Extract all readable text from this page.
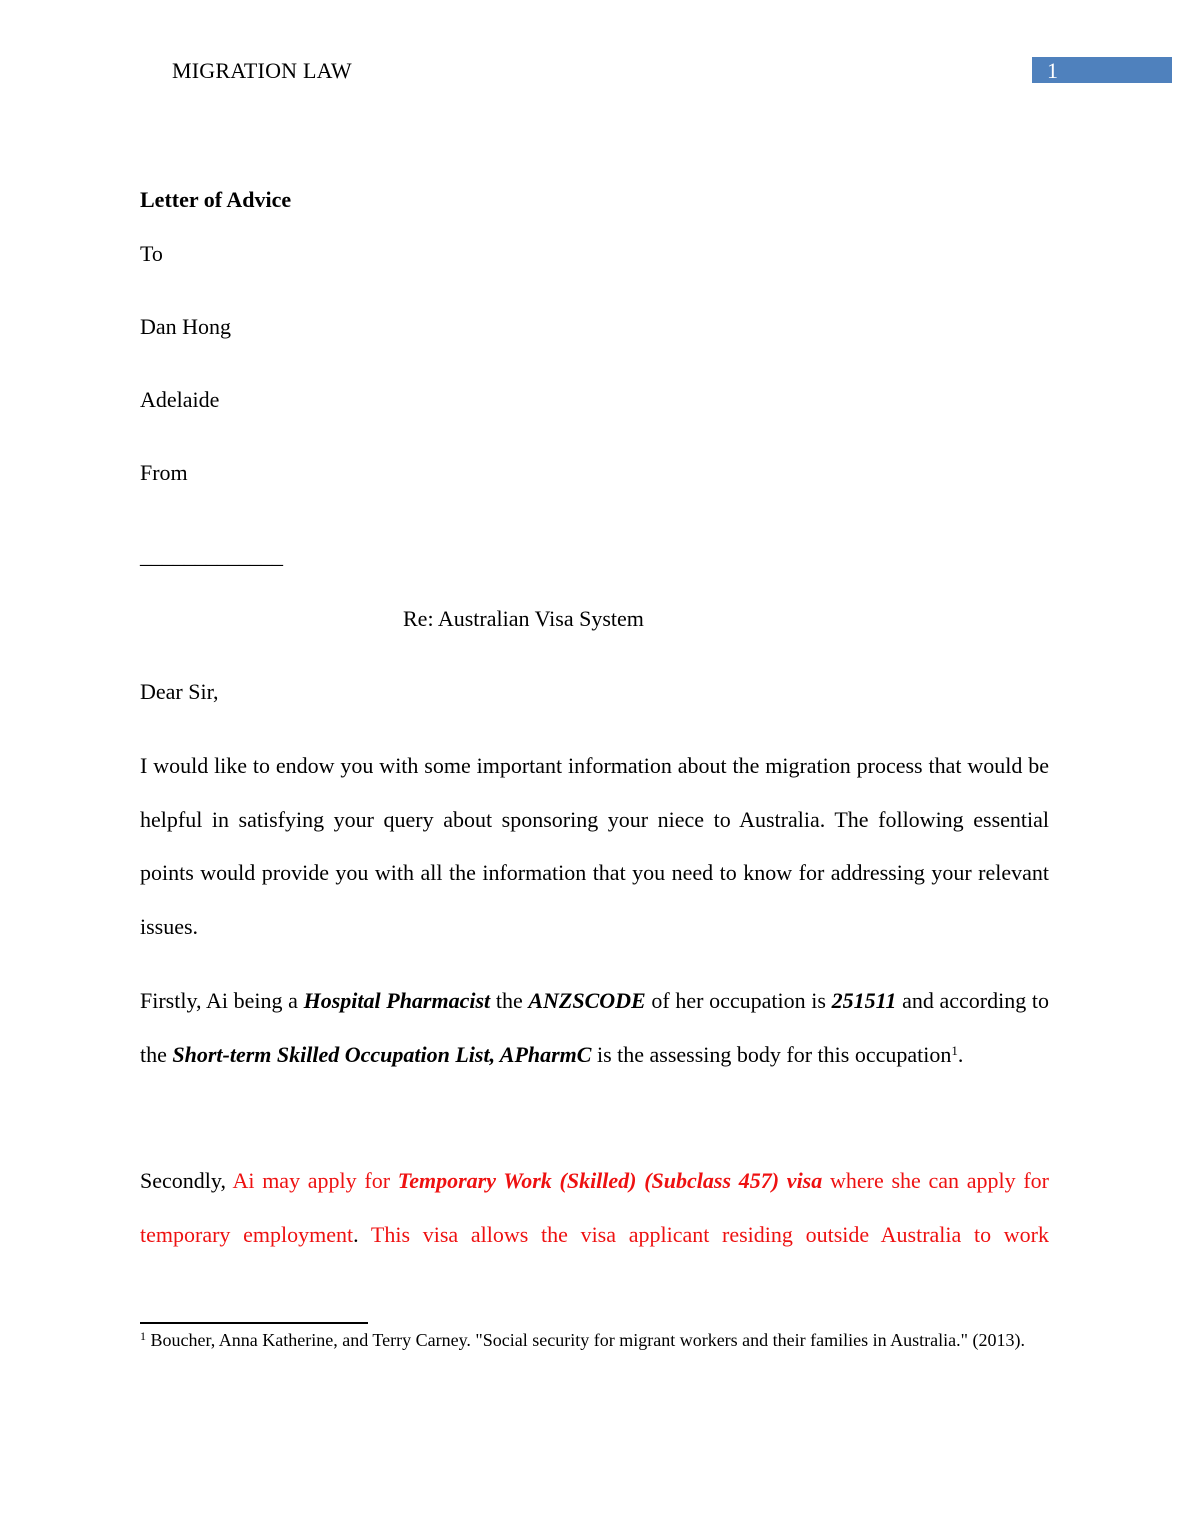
MIGRATION LAW	1
Letter of Advice
To
Dan Hong
Adelaide
From
_____________
Re: Australian Visa System
Dear Sir,
I would like to endow you with some important information about the migration process that would be helpful in satisfying your query about sponsoring your niece to Australia. The following essential points would provide you with all the information that you need to know for addressing your relevant issues.
Firstly, Ai being a Hospital Pharmacist the ANZSCODE of her occupation is 251511 and according to the Short-term Skilled Occupation List, APharmC is the assessing body for this occupation$^1$.
Secondly, Ai may apply for Temporary Work (Skilled) (Subclass 457) visa where she can apply for temporary employment. This visa allows the visa applicant residing outside Australia to work
$^1$ Boucher, Anna Katherine, and Terry Carney. "Social security for migrant workers and their families in Australia." (2013).
